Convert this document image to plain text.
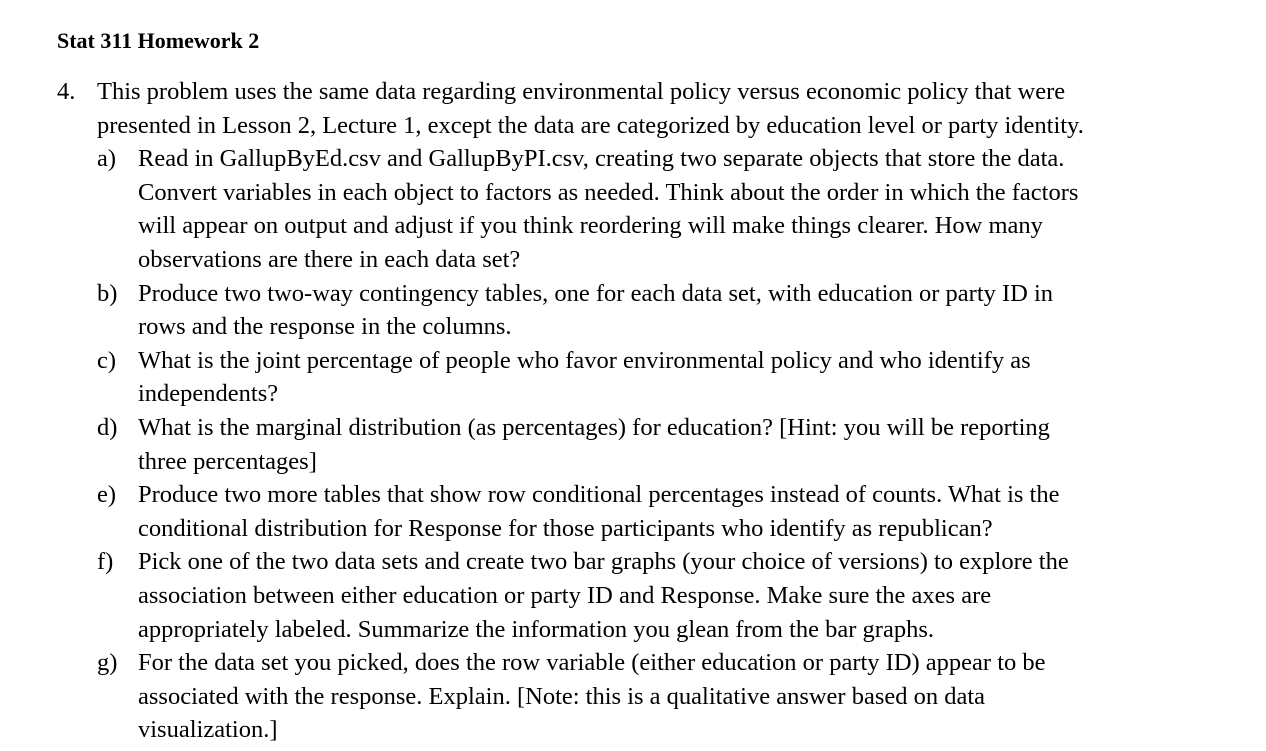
Stat 311 Homework 2
4. This problem uses the same data regarding environmental policy versus economic policy that were
presented in Lesson 2, Lecture 1, except the data are categorized by education level or party identity.
a) Read in GallupByEd.csv and GallupByPI.csv, creating two separate objects that store the data.
Convert variables in each object to factors as needed. Think about the order in which the factors
will appear on output and adjust if you think reordering will make things clearer. How many
observations are there in each data set?
b) Produce two two-way contingency tables, one for each data set, with education or party ID in
rows and the response in the columns.
c) What is the joint percentage of people who favor environmental policy and who identify as
independents?
d) What is the marginal distribution (as percentages) for education? [Hint: you will be reporting
three percentages]
e) Produce two more tables that show row conditional percentages instead of counts. What is the
conditional distribution for Response for those participants who identify as republican?
f) Pick one of the two data sets and create two bar graphs (your choice of versions) to explore the
association between either education or party ID and Response. Make sure the axes are
appropriately labeled. Summarize the information you glean from the bar graphs.
g) For the data set you picked, does the row variable (either education or party ID) appear to be
associated with the response. Explain. [Note: this is a qualitative answer based on data
visualization.]
